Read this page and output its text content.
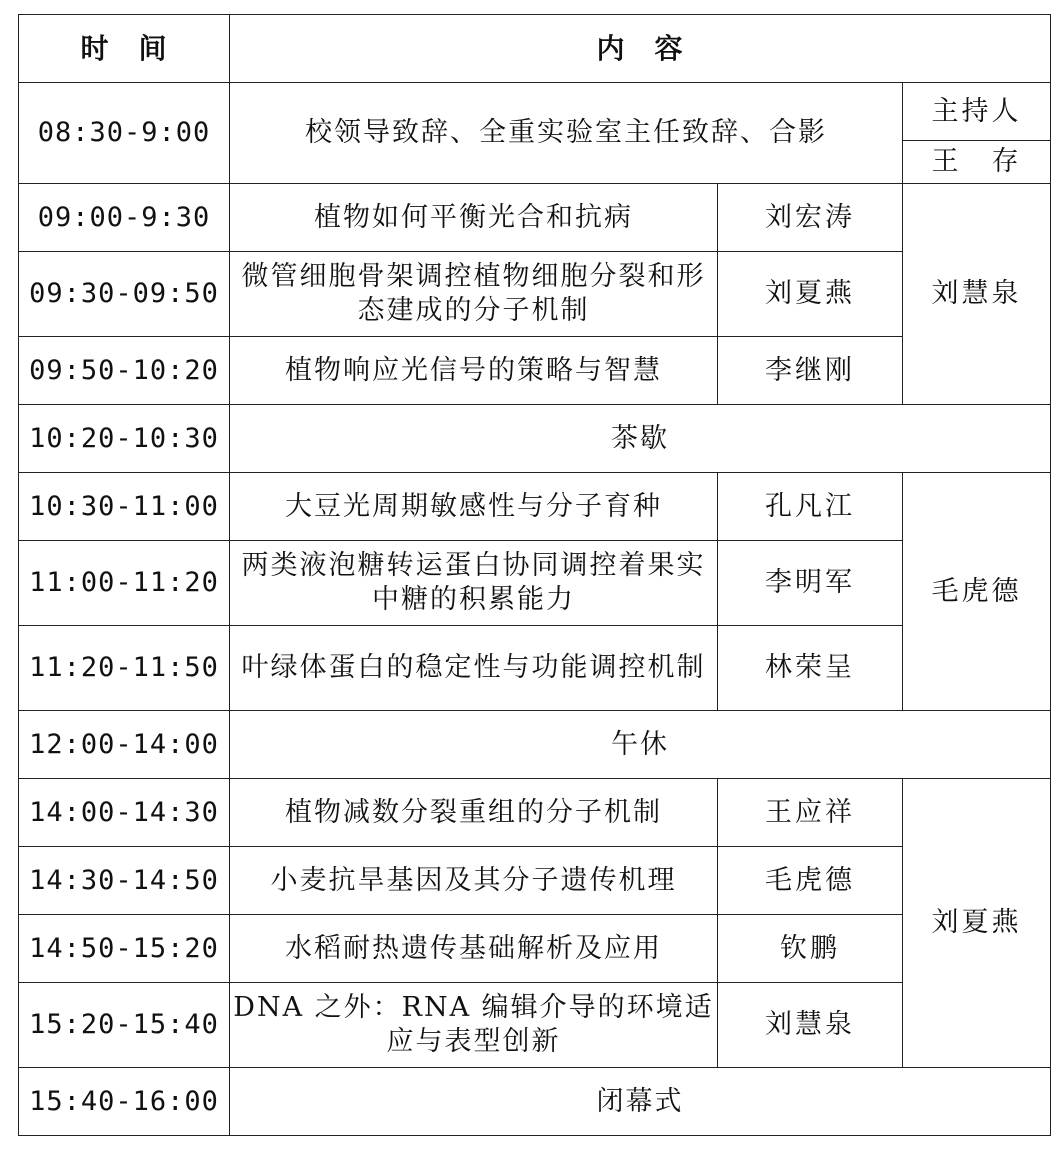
时　间	内　容		
08:30-9:00	校领导致辞、全重实验室主任致辞、合影		主持人
			王　存
09:00-9:30	植物如何平衡光合和抗病	刘宏涛	刘慧泉
09:30-09:50	微管细胞骨架调控植物细胞分裂和形态建成的分子机制	刘夏燕	
09:50-10:20	植物响应光信号的策略与智慧	李继刚	
10:20-10:30	茶歇		
10:30-11:00	大豆光周期敏感性与分子育种	孔凡江	毛虎德
11:00-11:20	两类液泡糖转运蛋白协同调控着果实中糖的积累能力	李明军	
11:20-11:50	叶绿体蛋白的稳定性与功能调控机制	林荣呈	
12:00-14:00	午休		
14:00-14:30	植物减数分裂重组的分子机制	王应祥	刘夏燕
14:30-14:50	小麦抗旱基因及其分子遗传机理	毛虎德	
14:50-15:20	水稻耐热遗传基础解析及应用	钦鹏	
15:20-15:40	DNA 之外：RNA 编辑介导的环境适应与表型创新	刘慧泉	
15:40-16:00	闭幕式		
